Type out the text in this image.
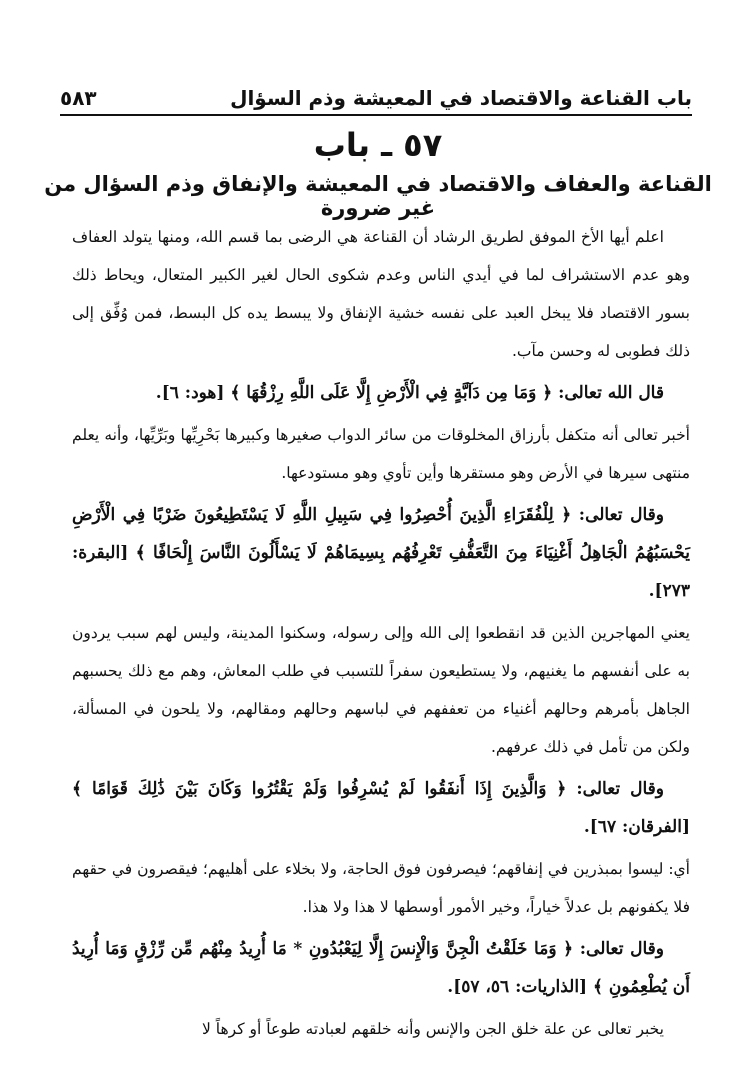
باب القناعة والاقتصاد في المعيشة وذم السؤال
٥٨٣
٥٧ ـ باب
القناعة والعفاف والاقتصاد في المعيشة والإنفاق وذم السؤال من غير ضرورة

اعلم أيها الأخ الموفق لطريق الرشاد أن القناعة هي الرضى بما قسم الله، ومنها يتولد العفاف وهو عدم الاستشراف لما في أيدي الناس وعدم شكوى الحال لغير الكبير المتعال، ويحاط ذلك بسور الاقتصاد فلا يبخل العبد على نفسه خشية الإنفاق ولا يبسط يده كل البسط، فمن وُفِّق إلى ذلك فطوبى له وحسن مآب.

قال الله تعالى: ﴿ وَمَا مِن دَآبَّةٍ فِي الْأَرْضِ إِلَّا عَلَى اللَّهِ رِزْقُهَا ﴾ [هود: ٦].

أخبر تعالى أنه متكفل بأرزاق المخلوقات من سائر الدواب صغيرها وكبيرها بَحْرِيِّها وبَرِّيِّها، وأنه يعلم منتهى سيرها في الأرض وهو مستقرها وأين تأوي وهو مستودعها.

وقال تعالى: ﴿ لِلْفُقَرَاءِ الَّذِينَ أُحْصِرُوا فِي سَبِيلِ اللَّهِ لَا يَسْتَطِيعُونَ ضَرْبًا فِي الْأَرْضِ يَحْسَبُهُمُ الْجَاهِلُ أَغْنِيَاءَ مِنَ التَّعَفُّفِ تَعْرِفُهُم بِسِيمَاهُمْ لَا يَسْأَلُونَ النَّاسَ إِلْحَافًا ﴾ [البقرة: ٢٧٣].

يعني المهاجرين الذين قد انقطعوا إلى الله وإلى رسوله، وسكنوا المدينة، وليس لهم سبب يردون به على أنفسهم ما يغنيهم، ولا يستطيعون سفراً للتسبب في طلب المعاش، وهم مع ذلك يحسبهم الجاهل بأمرهم وحالهم أغنياء من تعففهم في لباسهم وحالهم ومقالهم، ولا يلحون في المسألة، ولكن من تأمل في ذلك عرفهم.

وقال تعالى: ﴿ وَالَّذِينَ إِذَا أَنفَقُوا لَمْ يُسْرِفُوا وَلَمْ يَقْتُرُوا وَكَانَ بَيْنَ ذَٰلِكَ قَوَامًا ﴾ [الفرقان: ٦٧].

أي: ليسوا بمبذرين في إنفاقهم؛ فيصرفون فوق الحاجة، ولا بخلاء على أهليهم؛ فيقصرون في حقهم فلا يكفونهم بل عدلاً خياراً، وخير الأمور أوسطها لا هذا ولا هذا.

وقال تعالى: ﴿ وَمَا خَلَقْتُ الْجِنَّ وَالْإِنسَ إِلَّا لِيَعْبُدُونِ * مَا أُرِيدُ مِنْهُم مِّن رِّزْقٍ وَمَا أُرِيدُ أَن يُطْعِمُونِ ﴾ [الذاريات: ٥٦، ٥٧].

يخبر تعالى عن علة خلق الجن والإنس وأنه خلقهم لعبادته طوعاً أو كرهاً لا
